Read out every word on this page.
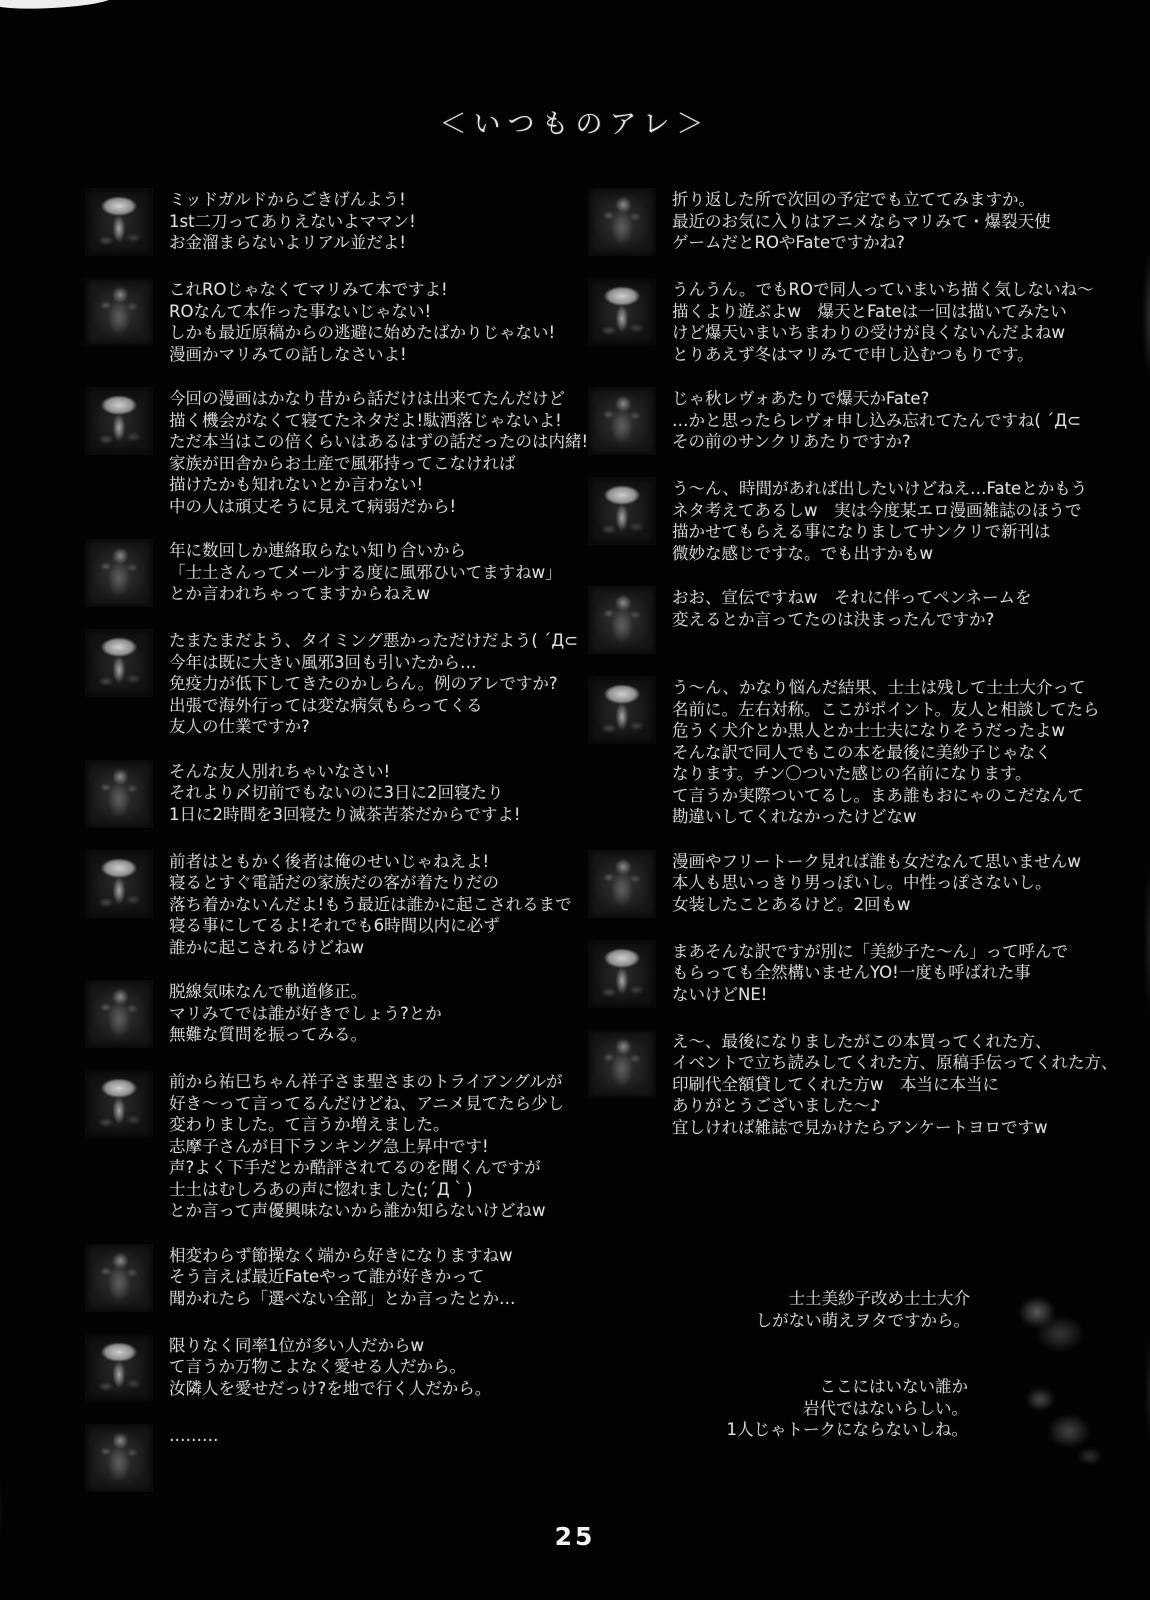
＜いつものアレ＞
ミッドガルドからごきげんよう!
1st二刀ってありえないよママン!
お金溜まらないよリアル並だよ!
これROじゃなくてマリみて本ですよ!
ROなんて本作った事ないじゃない!
しかも最近原稿からの逃避に始めたばかりじゃない!
漫画かマリみての話しなさいよ!
今回の漫画はかなり昔から話だけは出来てたんだけど
描く機会がなくて寝てたネタだよ!駄洒落じゃないよ!
ただ本当はこの倍くらいはあるはずの話だったのは内緒!
家族が田舎からお土産で風邪持ってこなければ
描けたかも知れないとか言わない!
中の人は頑丈そうに見えて病弱だから!
年に数回しか連絡取らない知り合いから
「士土さんってメールする度に風邪ひいてますねw」
とか言われちゃってますからねえw
たまたまだよう、タイミング悪かっただけだよう( ´Д⊂
今年は既に大きい風邪3回も引いたから…
免疫力が低下してきたのかしらん。例のアレですか?
出張で海外行っては変な病気もらってくる
友人の仕業ですか?
そんな友人別れちゃいなさい!
それより〆切前でもないのに3日に2回寝たり
1日に2時間を3回寝たり滅茶苦茶だからですよ!
前者はともかく後者は俺のせいじゃねえよ!
寝るとすぐ電話だの家族だの客が着たりだの
落ち着かないんだよ!もう最近は誰かに起こされるまで
寝る事にしてるよ!それでも6時間以内に必ず
誰かに起こされるけどねw
脱線気味なんで軌道修正。
マリみてでは誰が好きでしょう?とか
無難な質問を振ってみる。
前から祐巳ちゃん祥子さま聖さまのトライアングルが
好き〜って言ってるんだけどね、アニメ見てたら少し
変わりました。て言うか増えました。
志摩子さんが目下ランキング急上昇中です!
声?よく下手だとか酷評されてるのを聞くんですが
士土はむしろあの声に惚れました(;´Д｀)
とか言って声優興味ないから誰か知らないけどねw
相変わらず節操なく端から好きになりますねw
そう言えば最近Fateやって誰が好きかって
聞かれたら「選べない全部」とか言ったとか…
限りなく同率1位が多い人だからw
て言うか万物こよなく愛せる人だから。
汝隣人を愛せだっけ?を地で行く人だから。
………
折り返した所で次回の予定でも立ててみますか。
最近のお気に入りはアニメならマリみて・爆裂天使
ゲームだとROやFateですかね?
うんうん。でもROで同人っていまいち描く気しないね〜
描くより遊ぶよw　爆天とFateは一回は描いてみたい
けど爆天いまいちまわりの受けが良くないんだよねw
とりあえず冬はマリみてで申し込むつもりです。
じゃ秋レヴォあたりで爆天かFate?
…かと思ったらレヴォ申し込み忘れてたんですね( ´Д⊂
その前のサンクリあたりですか?
う〜ん、時間があれば出したいけどねえ…Fateとかもう
ネタ考えてあるしw　実は今度某エロ漫画雑誌のほうで
描かせてもらえる事になりましてサンクリで新刊は
微妙な感じですな。でも出すかもw
おお、宣伝ですねw　それに伴ってペンネームを
変えるとか言ってたのは決まったんですか?
う〜ん、かなり悩んだ結果、士土は残して士土大介って
名前に。左右対称。ここがポイント。友人と相談してたら
危うく犬介とか黒人とか士士夫になりそうだったよw
そんな訳で同人でもこの本を最後に美紗子じゃなく
なります。チン〇ついた感じの名前になります。
て言うか実際ついてるし。まあ誰もおにゃのこだなんて
勘違いしてくれなかったけどなw
漫画やフリートーク見れば誰も女だなんて思いませんw
本人も思いっきり男っぽいし。中性っぽさないし。
女装したことあるけど。2回もw
まあそんな訳ですが別に「美紗子た〜ん」って呼んで
もらっても全然構いませんYO!一度も呼ばれた事
ないけどNE!
え〜、最後になりましたがこの本買ってくれた方、
イベントで立ち読みしてくれた方、原稿手伝ってくれた方、
印刷代全額貸してくれた方w　本当に本当に
ありがとうございました〜♪
宜しければ雑誌で見かけたらアンケートヨロですw
士土美紗子改め士土大介
しがない萌えヲタですから。
ここにはいない誰か
岩代ではないらしい。
1人じゃトークにならないしね。
25
